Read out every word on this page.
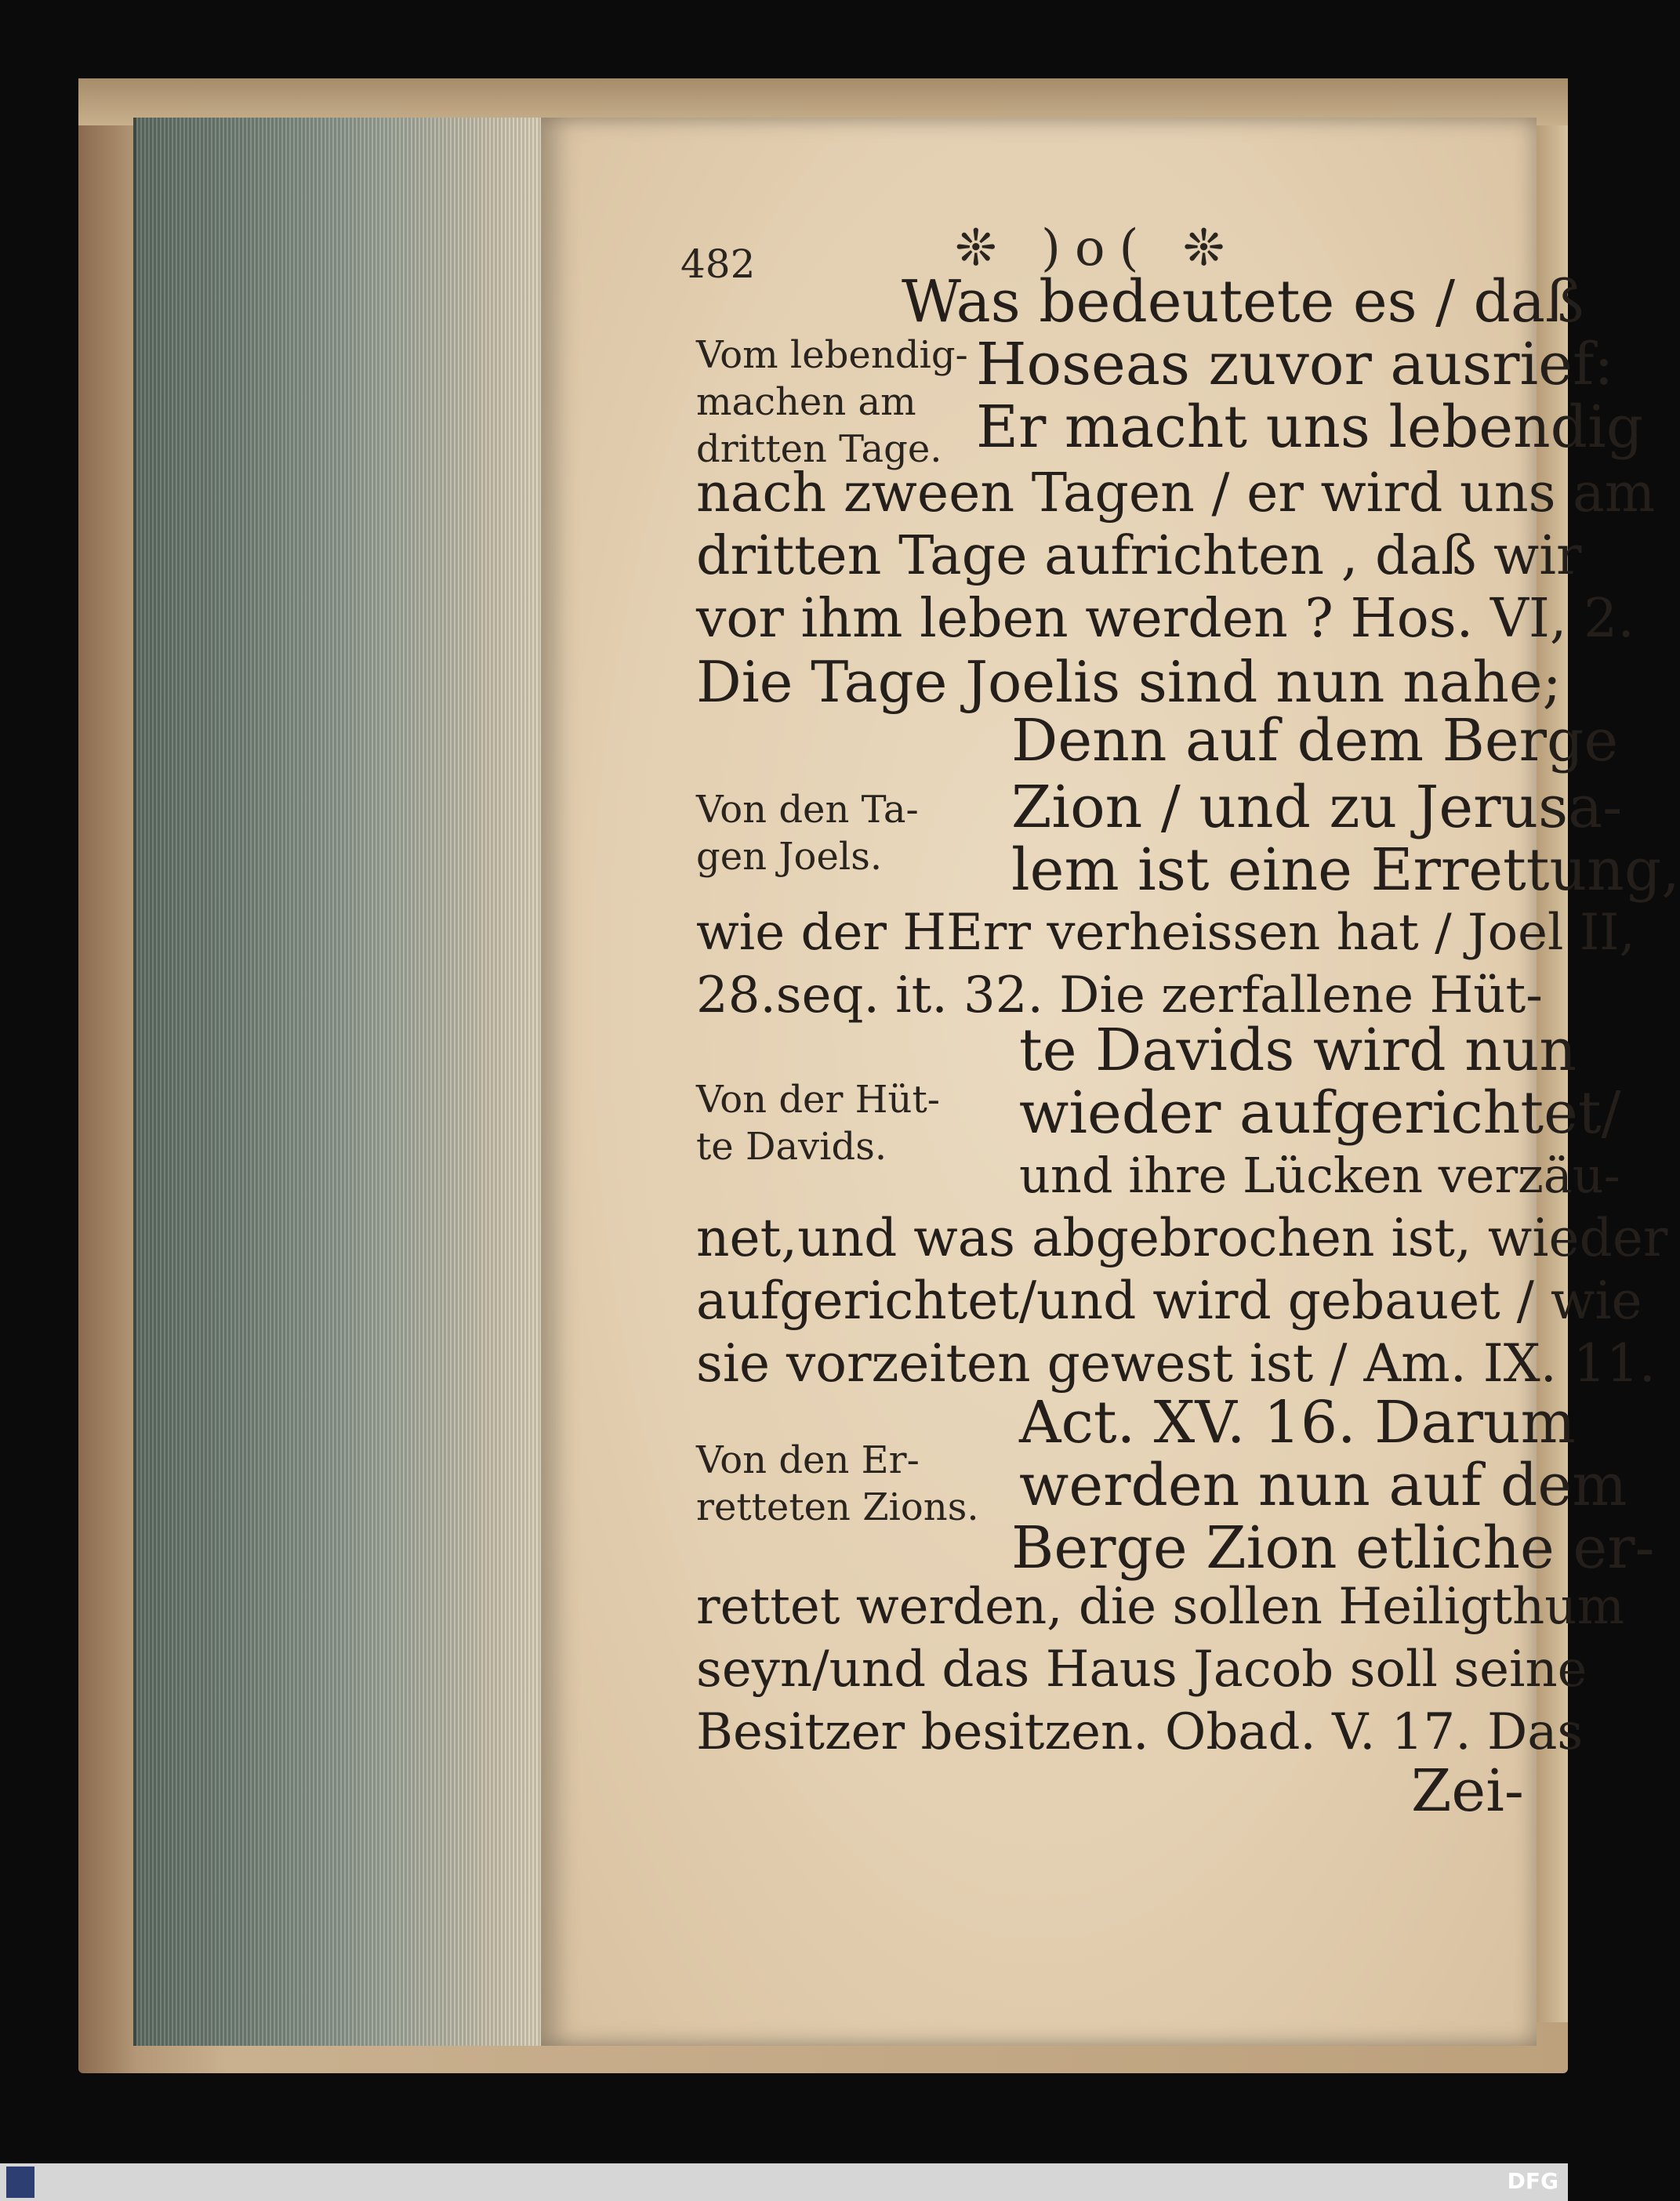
482	❊ )o( ❊
Was bedeutete es / daß
Hoseas zuvor ausrief:
Er macht uns lebendig
nach zween Tagen / er wird uns am
dritten Tage aufrichten , daß wir
vor ihm leben werden ? Hos. VI, 2.
Die Tage Joelis sind nun nahe;
Denn auf dem Berge
Zion / und zu Jerusa-
lem ist eine Errettung,
wie der HErr verheissen hat / Joel II,
28.seq. it. 32. Die zerfallene Hüt-
te Davids wird nun
wieder aufgerichtet/
und ihre Lücken verzäu-
net,und was abgebrochen ist, wieder
aufgerichtet/und wird gebauet / wie
sie vorzeiten gewest ist / Am. IX. 11.
Act. XV. 16. Darum
werden nun auf dem
Berge Zion etliche er-
rettet werden, die sollen Heiligthum
seyn/und das Haus Jacob soll seine
Besitzer besitzen. Obad. V. 17. Das
Zei-
Vom lebendig-
machen am
dritten Tage.
Von den Ta-
gen Joels.
Von der Hüt-
te Davids.
Von den Er-
retteten Zions.
DFG
